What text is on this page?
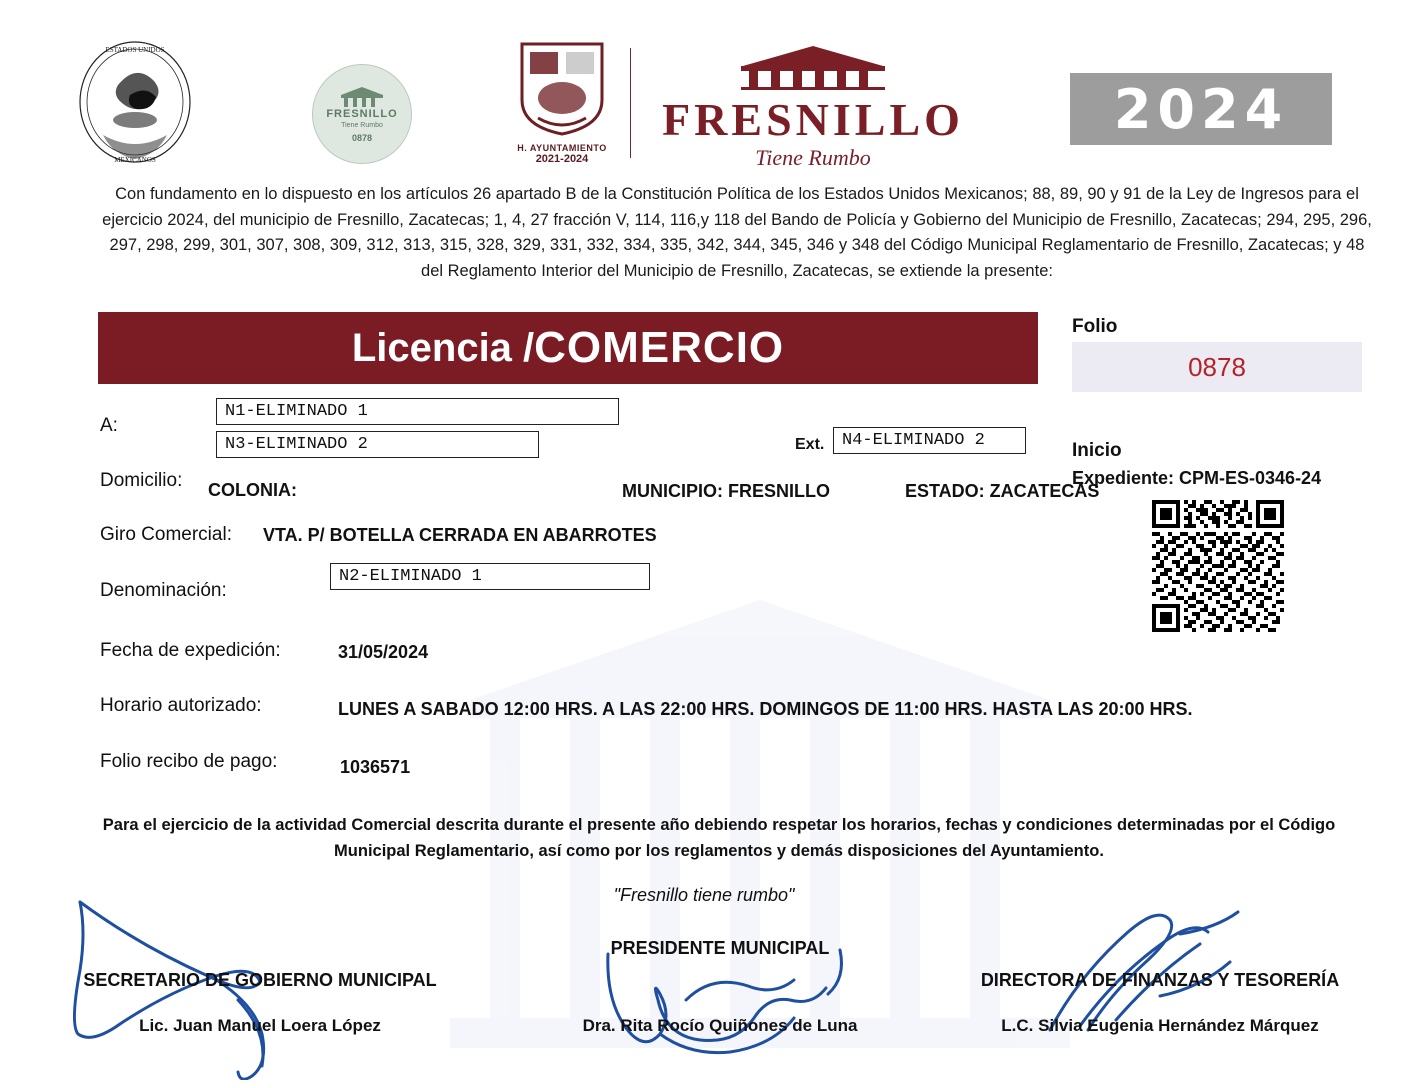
ESTADOS UNIDOS
MEXICANOS
FRESNILLO
Tiene Rumbo
0878
H. AYUNTAMIENTO
2021-2024
FRESNILLO
Tiene Rumbo
2024
Con fundamento en lo dispuesto en los artículos 26 apartado B de la Constitución Política de los Estados Unidos Mexicanos; 88, 89, 90 y 91 de la Ley de Ingresos para el ejercicio 2024, del municipio de Fresnillo, Zacatecas; 1, 4, 27 fracción V, 114, 116,y 118 del Bando de Policía y Gobierno del Municipio de Fresnillo, Zacatecas; 294, 295, 296, 297, 298, 299, 301, 307, 308, 309, 312, 313, 315, 328, 329, 331, 332, 334, 335, 342, 344, 345, 346 y 348 del Código Municipal Reglamentario de Fresnillo, Zacatecas; y 48 del Reglamento Interior del Municipio de Fresnillo, Zacatecas, se extiende la presente:
Licencia / COMERCIO	Folio
0878
A:
N1-ELIMINADO 1
N3-ELIMINADO 2
Domicilio: COLONIA:
Ext.	N4-ELIMINADO 2
MUNICIPIO: FRESNILLO	ESTADO: ZACATECAS
Inicio
Expediente: CPM-ES-0346-24
Giro Comercial: VTA. P/ BOTELLA CERRADA EN ABARROTES
Denominación:
N2-ELIMINADO 1
Fecha de expedición:	31/05/2024
Horario autorizado:	LUNES A SABADO 12:00 HRS. A LAS 22:00 HRS. DOMINGOS DE 11:00 HRS. HASTA LAS 20:00 HRS.
Folio recibo de pago:	1036571
Para el ejercicio de la actividad Comercial descrita durante el presente año debiendo respetar los horarios, fechas y condiciones determinadas por el Código Municipal Reglamentario, así como por los reglamentos y demás disposiciones del Ayuntamiento.
"Fresnillo tiene rumbo"
SECRETARIO DE GOBIERNO MUNICIPAL
Lic. Juan Manuel Loera López
PRESIDENTE MUNICIPAL
Dra. Rita Rocío Quiñones de Luna
DIRECTORA DE FINANZAS Y TESORERÍA
L.C. Silvia Eugenia Hernández Márquez
